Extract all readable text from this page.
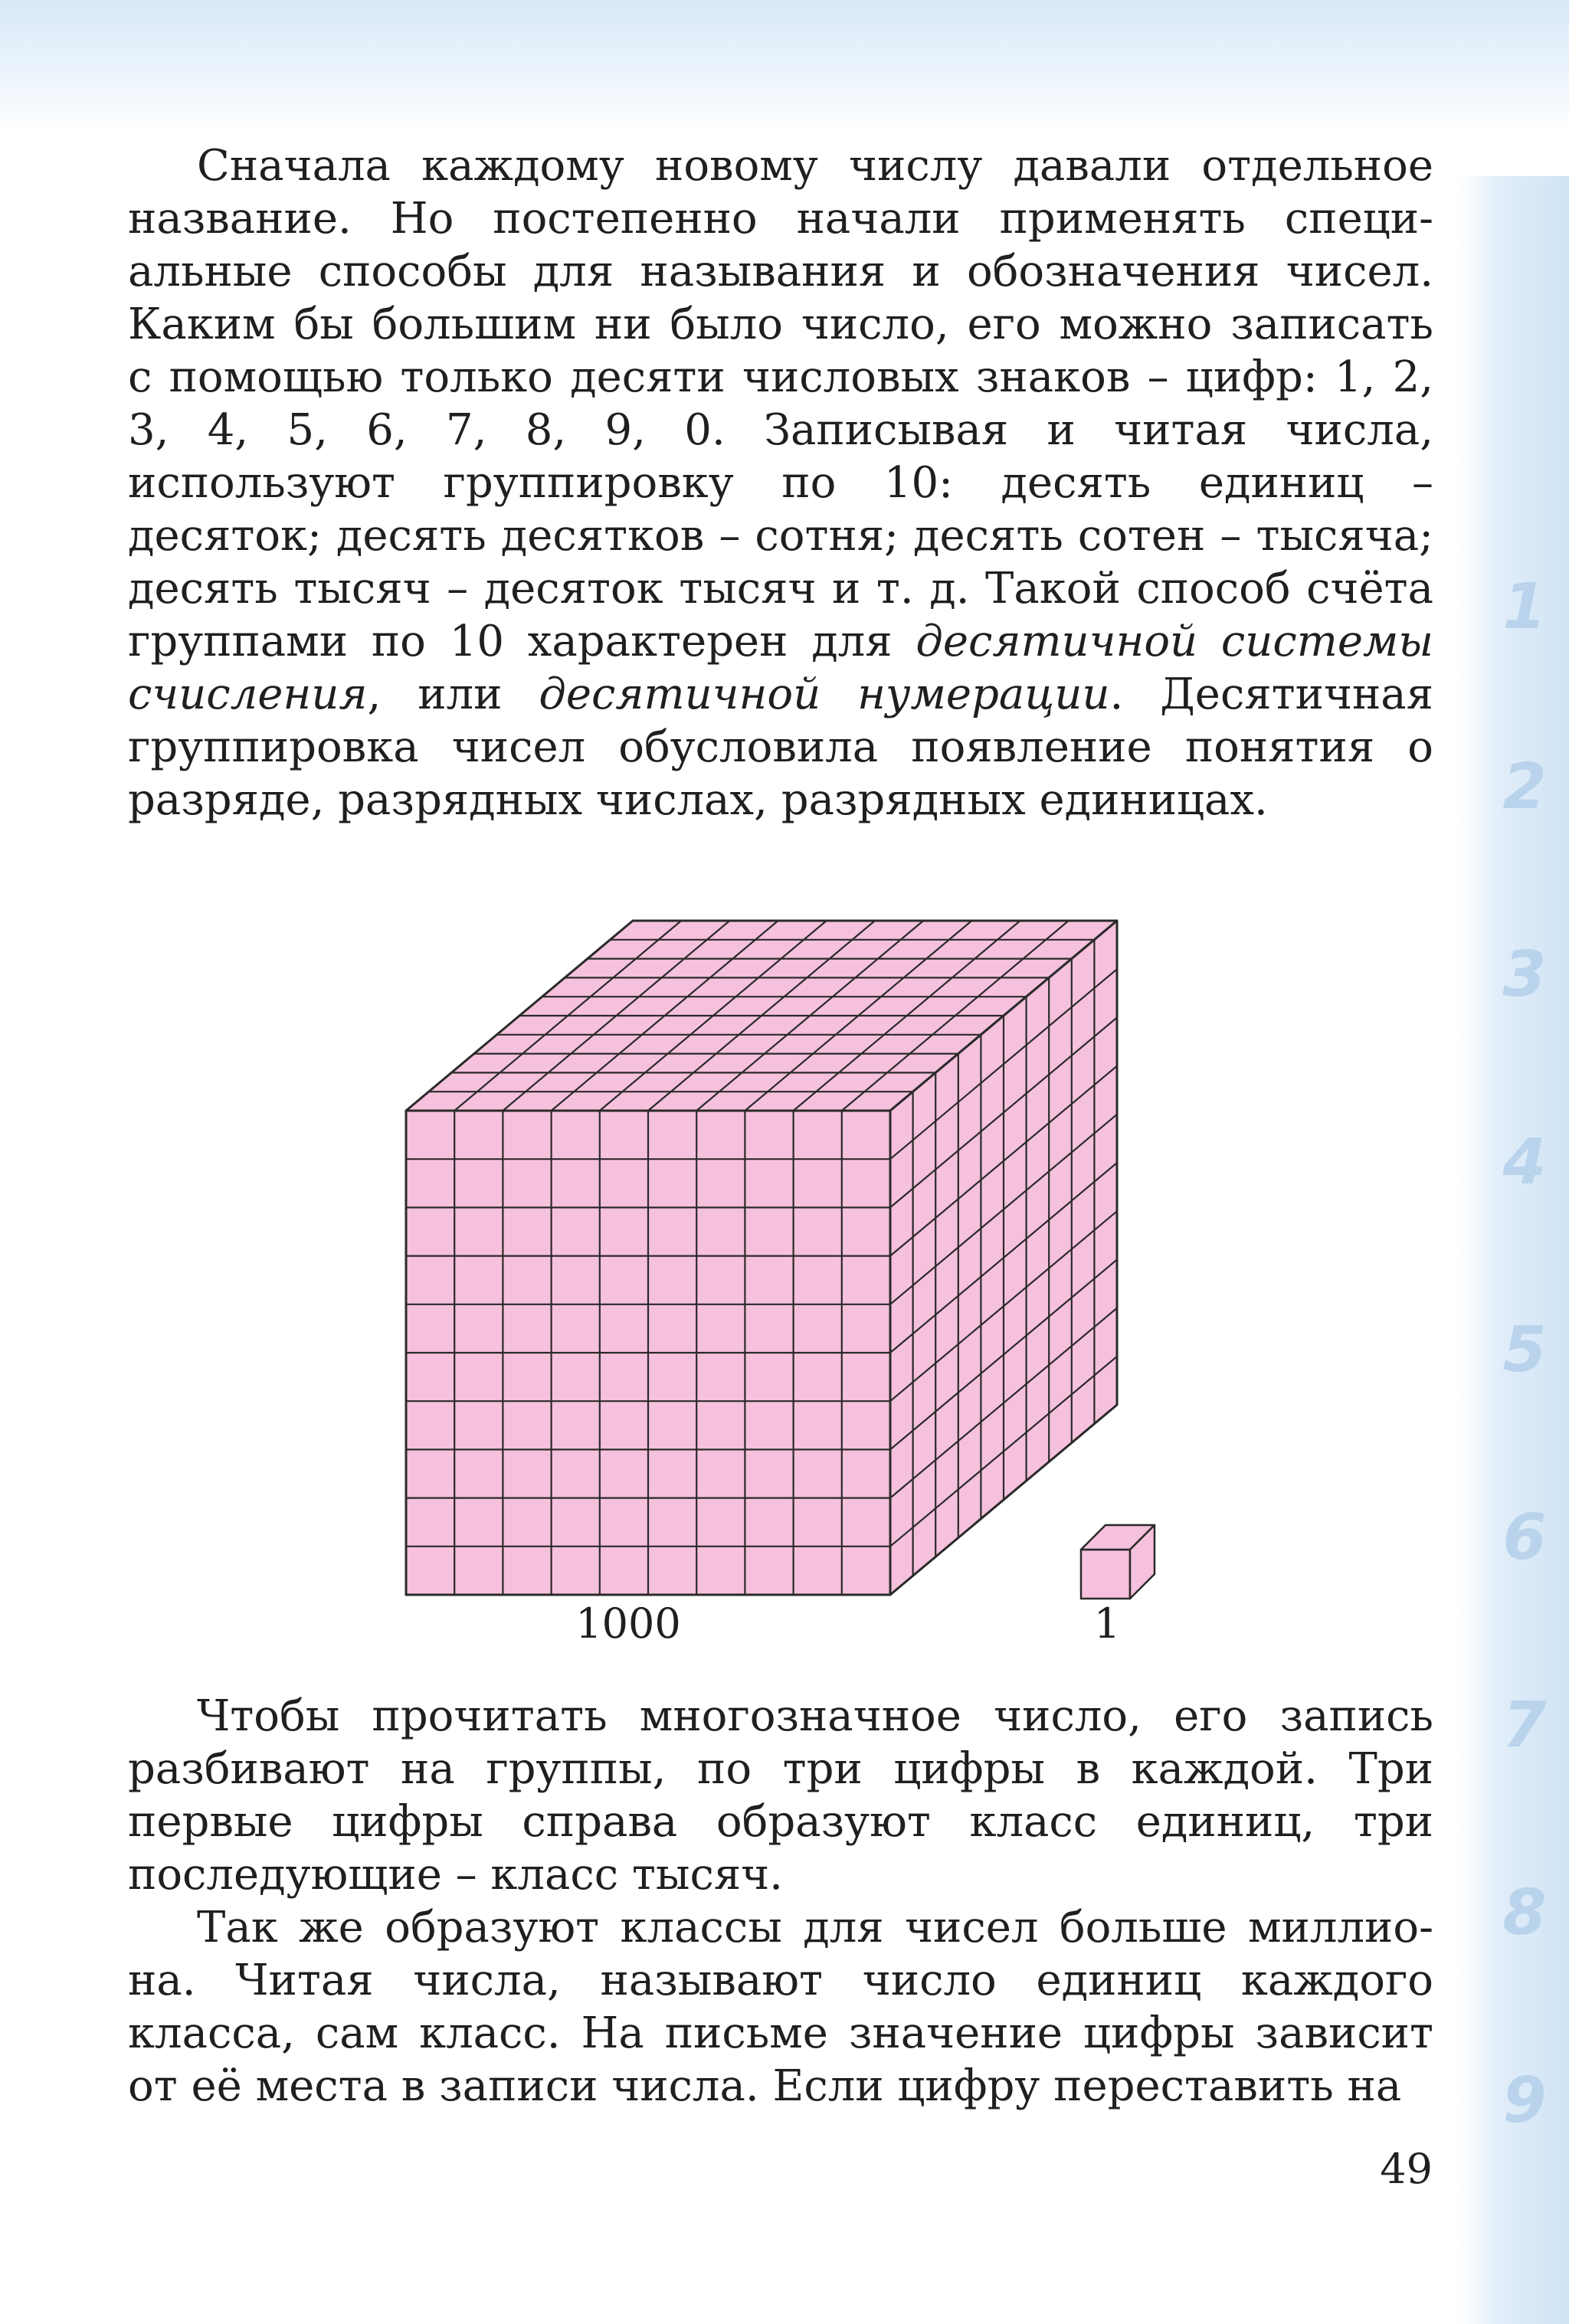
1
2
3
4
5
6
7
8
9

Сначала каждому новому числу давали отдельное название. Но постепенно начали применять специальные способы для называния и обозначения чисел. Каким бы большим ни было число, его можно записать с помощью только десяти числовых знаков – цифр: 1, 2, 3, 4, 5, 6, 7, 8, 9, 0. Записывая и читая числа, используют группировку по 10: десять единиц – десяток; десять десятков – сотня; десять сотен – тысяча; десять тысяч – десяток тысяч и т. д. Такой способ счёта группами по 10 характерен для десятичной системы счисления, или десятичной нумерации. Десятичная группировка чисел обусловила появление понятия о разряде, разрядных числах, разрядных единицах.

1000	1

Чтобы прочитать многозначное число, его запись разбивают на группы, по три цифры в каждой. Три первые цифры справа образуют класс единиц, три последующие – класс тысяч.

Так же образуют классы для чисел больше миллиона. Читая числа, называют число единиц каждого класса, сам класс. На письме значение цифры зависит от её места в записи числа. Если цифру переставить на

49
